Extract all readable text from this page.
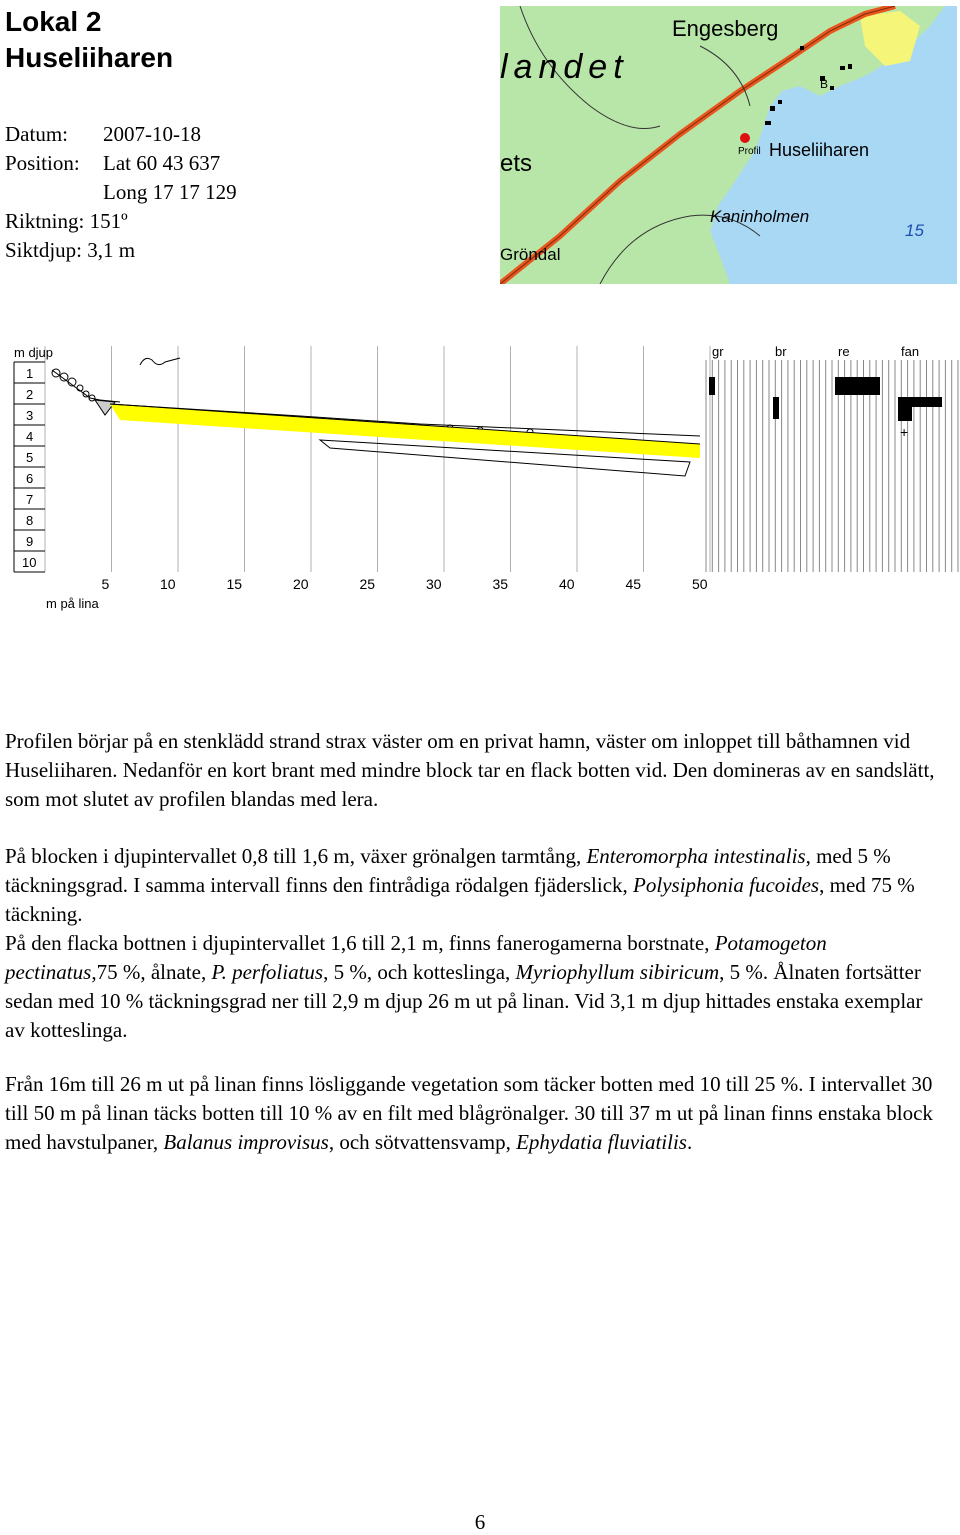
Lokal 2
Huseliiharen
Datum: 2007-10-18
Position: Lat 60 43 637
Long 17 17 129
Riktning: 151º
Siktdjup: 3,1 m
landet
Engesberg
ets	Profil Huseliiharen
Kaninholmen
15
Gröndal
B
m djup
1
2
3
4
5
6
7
8
9
10
5	10	15	20	25	30	35	40	45	50
m på lina
gr	br	re	fan
+

Profilen börjar på en stenklädd strand strax väster om en privat hamn, väster om inloppet till båthamnen vid Huseliiharen. Nedanför en kort brant med mindre block tar en flack botten vid. Den domineras av en sandslätt, som mot slutet av profilen blandas med lera.

På blocken i djupintervallet 0,8 till 1,6 m, växer grönalgen tarmtång, Enteromorpha intestinalis, med 5 % täckningsgrad. I samma intervall finns den fintrådiga rödalgen fjäderslick, Polysiphonia fucoides, med 75 % täckning.

På den flacka bottnen i djupintervallet 1,6 till 2,1 m, finns fanerogamerna borstnate, Potamogeton pectinatus,75 %, ålnate, P. perfoliatus, 5 %, och kotteslinga, Myriophyllum sibiricum, 5 %. Ålnaten fortsätter sedan med 10 % täckningsgrad ner till 2,9 m djup 26 m ut på linan. Vid 3,1 m djup hittades enstaka exemplar av kotteslinga.

Från 16m till 26 m ut på linan finns lösliggande vegetation som täcker botten med 10 till 25 %. I intervallet 30 till 50 m på linan täcks botten till 10 % av en filt med blågrönalger. 30 till 37 m ut på linan finns enstaka block med havstulpaner, Balanus improvisus, och sötvattensvamp, Ephydatia fluviatilis.

6
